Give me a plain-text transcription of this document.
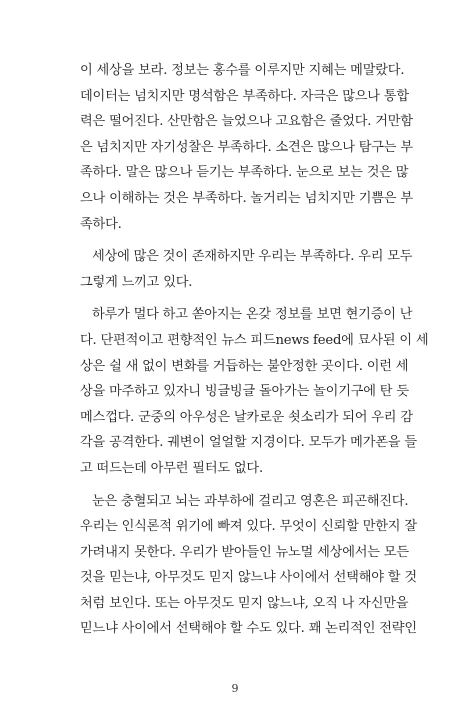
이 세상을 보라. 정보는 홍수를 이루지만 지혜는 메말랐다.
데이터는 넘치지만 명석함은 부족하다. 자극은 많으나 통합
력은 떨어진다. 산만함은 늘었으나 고요함은 줄었다. 거만함
은 넘치지만 자기성찰은 부족하다. 소견은 많으나 탐구는 부
족하다. 말은 많으나 듣기는 부족하다. 눈으로 보는 것은 많
으나 이해하는 것은 부족하다. 놀거리는 넘치지만 기쁨은 부
족하다.
세상에 많은 것이 존재하지만 우리는 부족하다. 우리 모두
그렇게 느끼고 있다.
하루가 멀다 하고 쏟아지는 온갖 정보를 보면 현기증이 난
다. 단편적이고 편향적인 뉴스 피드news feed에 묘사된 이 세
상은 쉴 새 없이 변화를 거듭하는 불안정한 곳이다. 이런 세
상을 마주하고 있자니 빙글빙글 돌아가는 놀이기구에 탄 듯
메스껍다. 군중의 아우성은 날카로운 쇳소리가 되어 우리 감
각을 공격한다. 궤변이 얼얼할 지경이다. 모두가 메가폰을 들
고 떠드는데 아무런 필터도 없다.
눈은 충혈되고 뇌는 과부하에 걸리고 영혼은 피곤해진다.
우리는 인식론적 위기에 빠져 있다. 무엇이 신뢰할 만한지 잘
가려내지 못한다. 우리가 받아들인 뉴노멀 세상에서는 모든
것을 믿는냐, 아무것도 믿지 않느냐 사이에서 선택해야 할 것
처럼 보인다. 또는 아무것도 믿지 않느냐, 오직 나 자신만을
믿느냐 사이에서 선택해야 할 수도 있다. 꽤 논리적인 전략인
9
